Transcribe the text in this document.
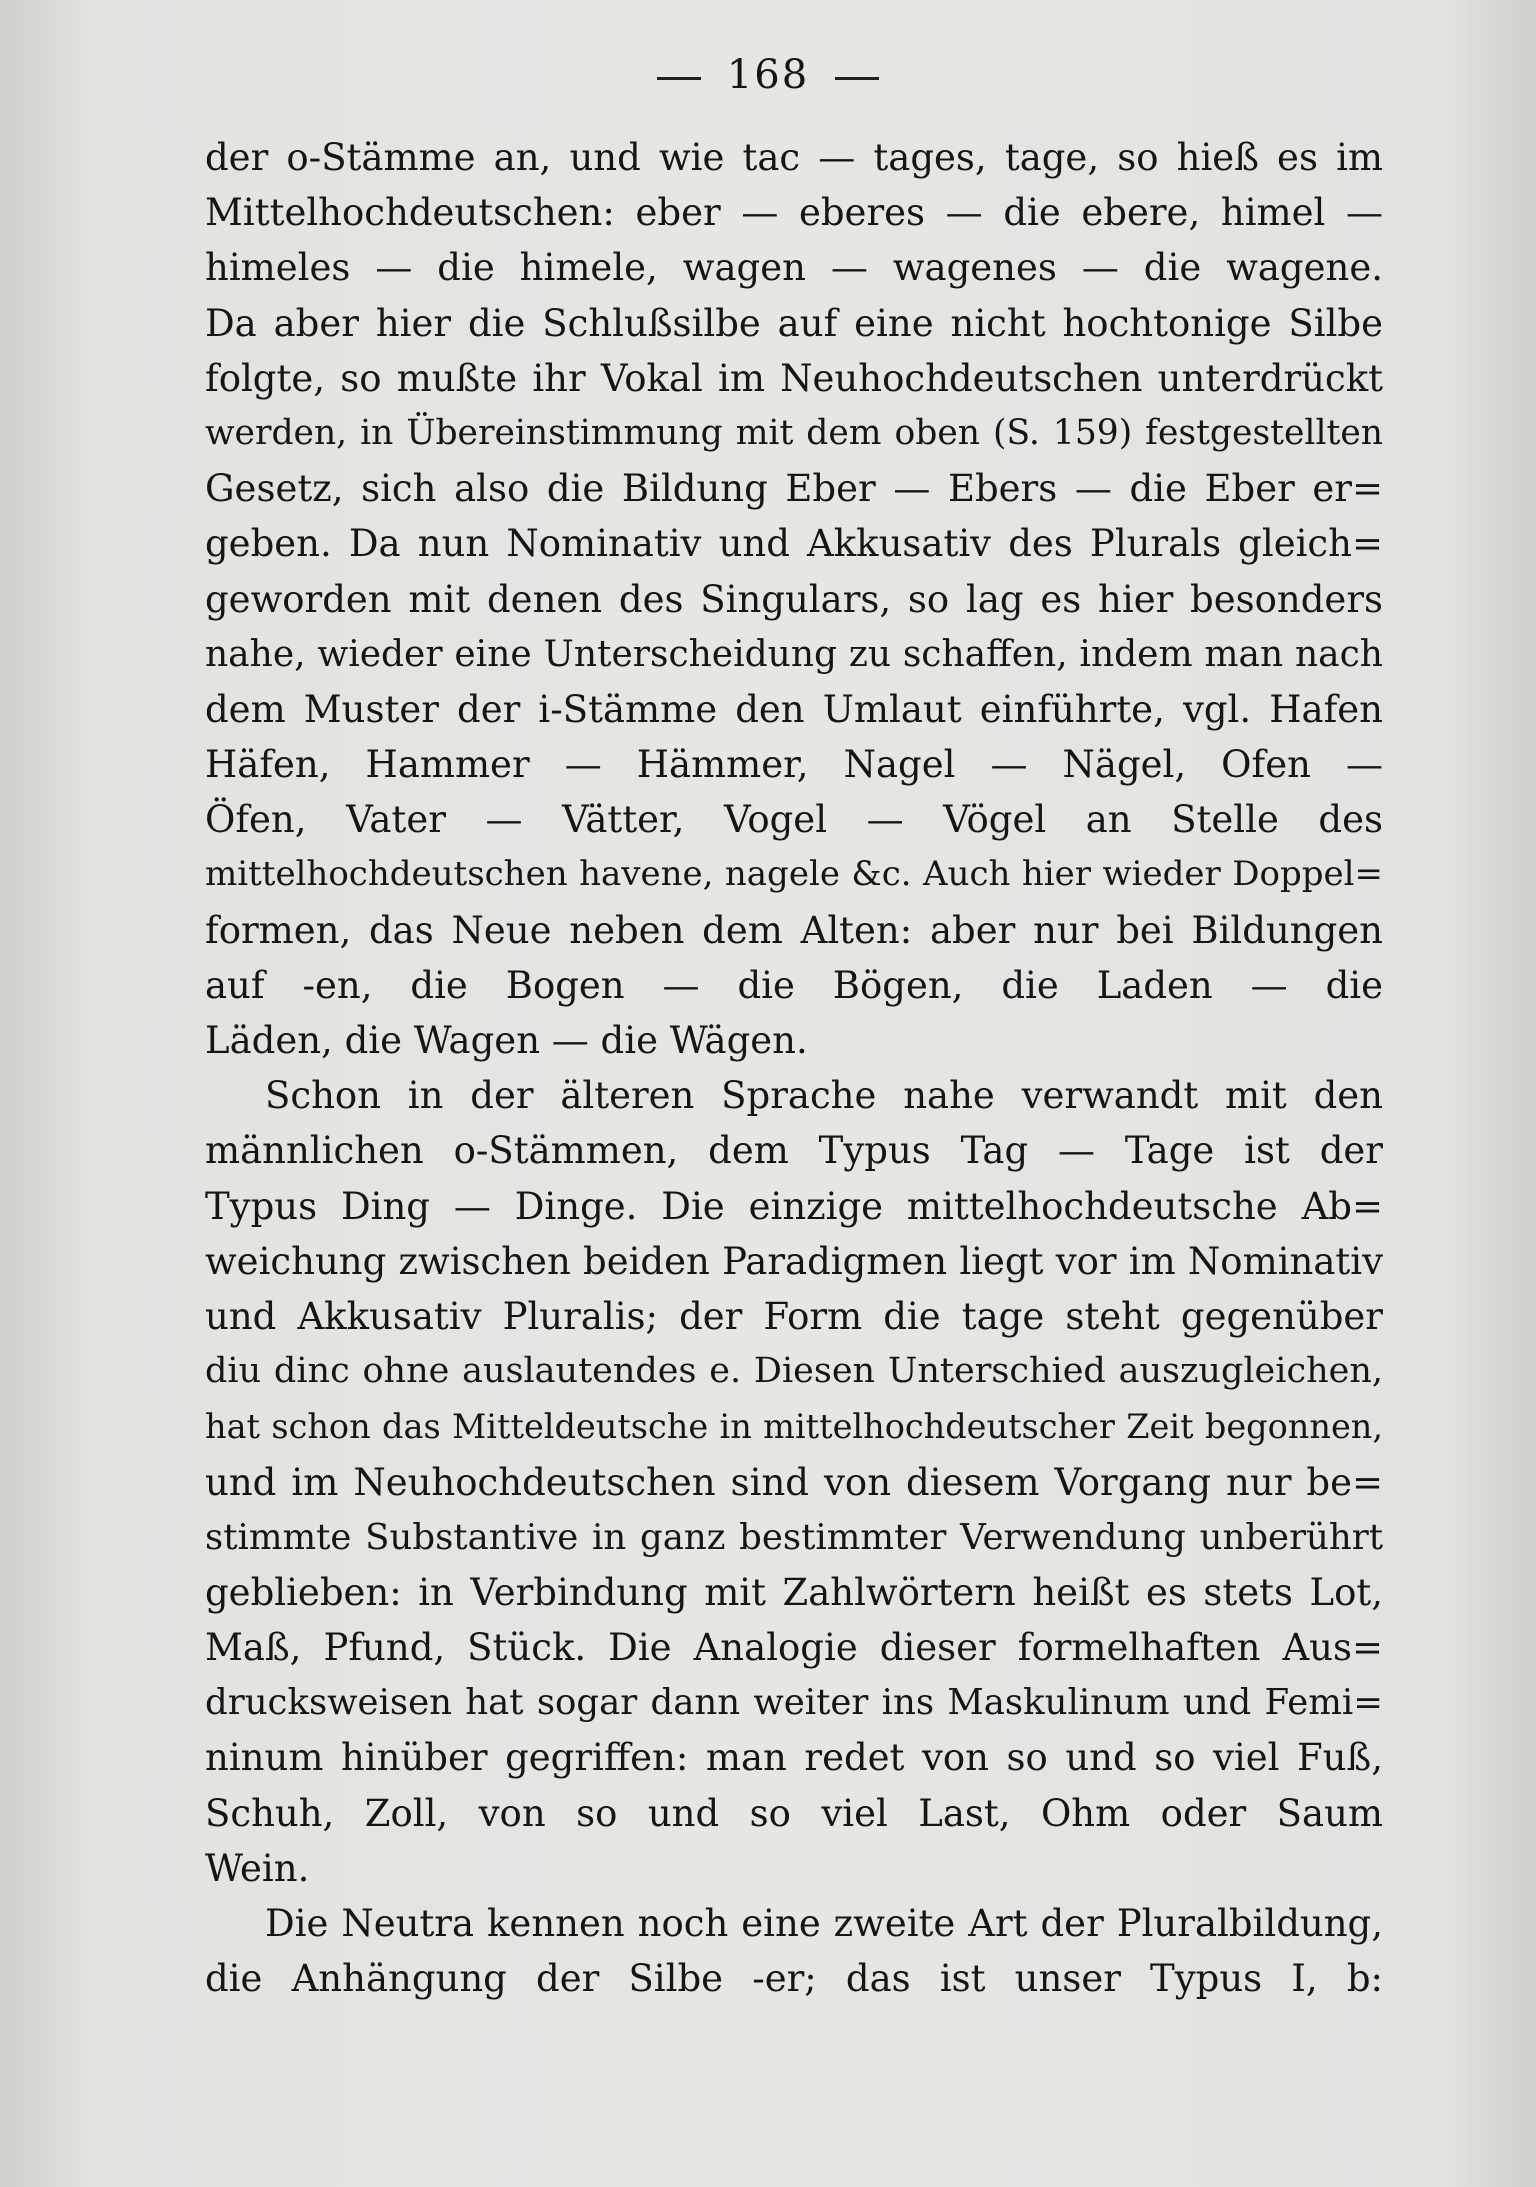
168
der o-Stämme an, und wie tac — tages, tage, so hieß es im
Mittelhochdeutschen: eber — eberes — die ebere, himel —
himeles — die himele, wagen — wagenes — die wagene.
Da aber hier die Schlußsilbe auf eine nicht hochtonige Silbe
folgte, so mußte ihr Vokal im Neuhochdeutschen unterdrückt
werden, in Übereinstimmung mit dem oben (S. 159) festgestellten
Gesetz, sich also die Bildung Eber — Ebers — die Eber er=
geben. Da nun Nominativ und Akkusativ des Plurals gleich=
geworden mit denen des Singulars, so lag es hier besonders
nahe, wieder eine Unterscheidung zu schaffen, indem man nach
dem Muster der i-Stämme den Umlaut einführte, vgl. Hafen
Häfen, Hammer — Hämmer, Nagel — Nägel, Ofen —
Öfen, Vater — Vätter, Vogel — Vögel an Stelle des
mittelhochdeutschen havene, nagele &c. Auch hier wieder Doppel=
formen, das Neue neben dem Alten: aber nur bei Bildungen
auf -en, die Bogen — die Bögen, die Laden — die
Läden, die Wagen — die Wägen.
Schon in der älteren Sprache nahe verwandt mit den
männlichen o-Stämmen, dem Typus Tag — Tage ist der
Typus Ding — Dinge. Die einzige mittelhochdeutsche Ab=
weichung zwischen beiden Paradigmen liegt vor im Nominativ
und Akkusativ Pluralis; der Form die tage steht gegenüber
diu dinc ohne auslautendes e. Diesen Unterschied auszugleichen,
hat schon das Mitteldeutsche in mittelhochdeutscher Zeit begonnen,
und im Neuhochdeutschen sind von diesem Vorgang nur be=
stimmte Substantive in ganz bestimmter Verwendung unberührt
geblieben: in Verbindung mit Zahlwörtern heißt es stets Lot,
Maß, Pfund, Stück. Die Analogie dieser formelhaften Aus=
drucksweisen hat sogar dann weiter ins Maskulinum und Femi=
ninum hinüber gegriffen: man redet von so und so viel Fuß,
Schuh, Zoll, von so und so viel Last, Ohm oder Saum
Wein.
Die Neutra kennen noch eine zweite Art der Pluralbildung,
die Anhängung der Silbe -er; das ist unser Typus I, b:
